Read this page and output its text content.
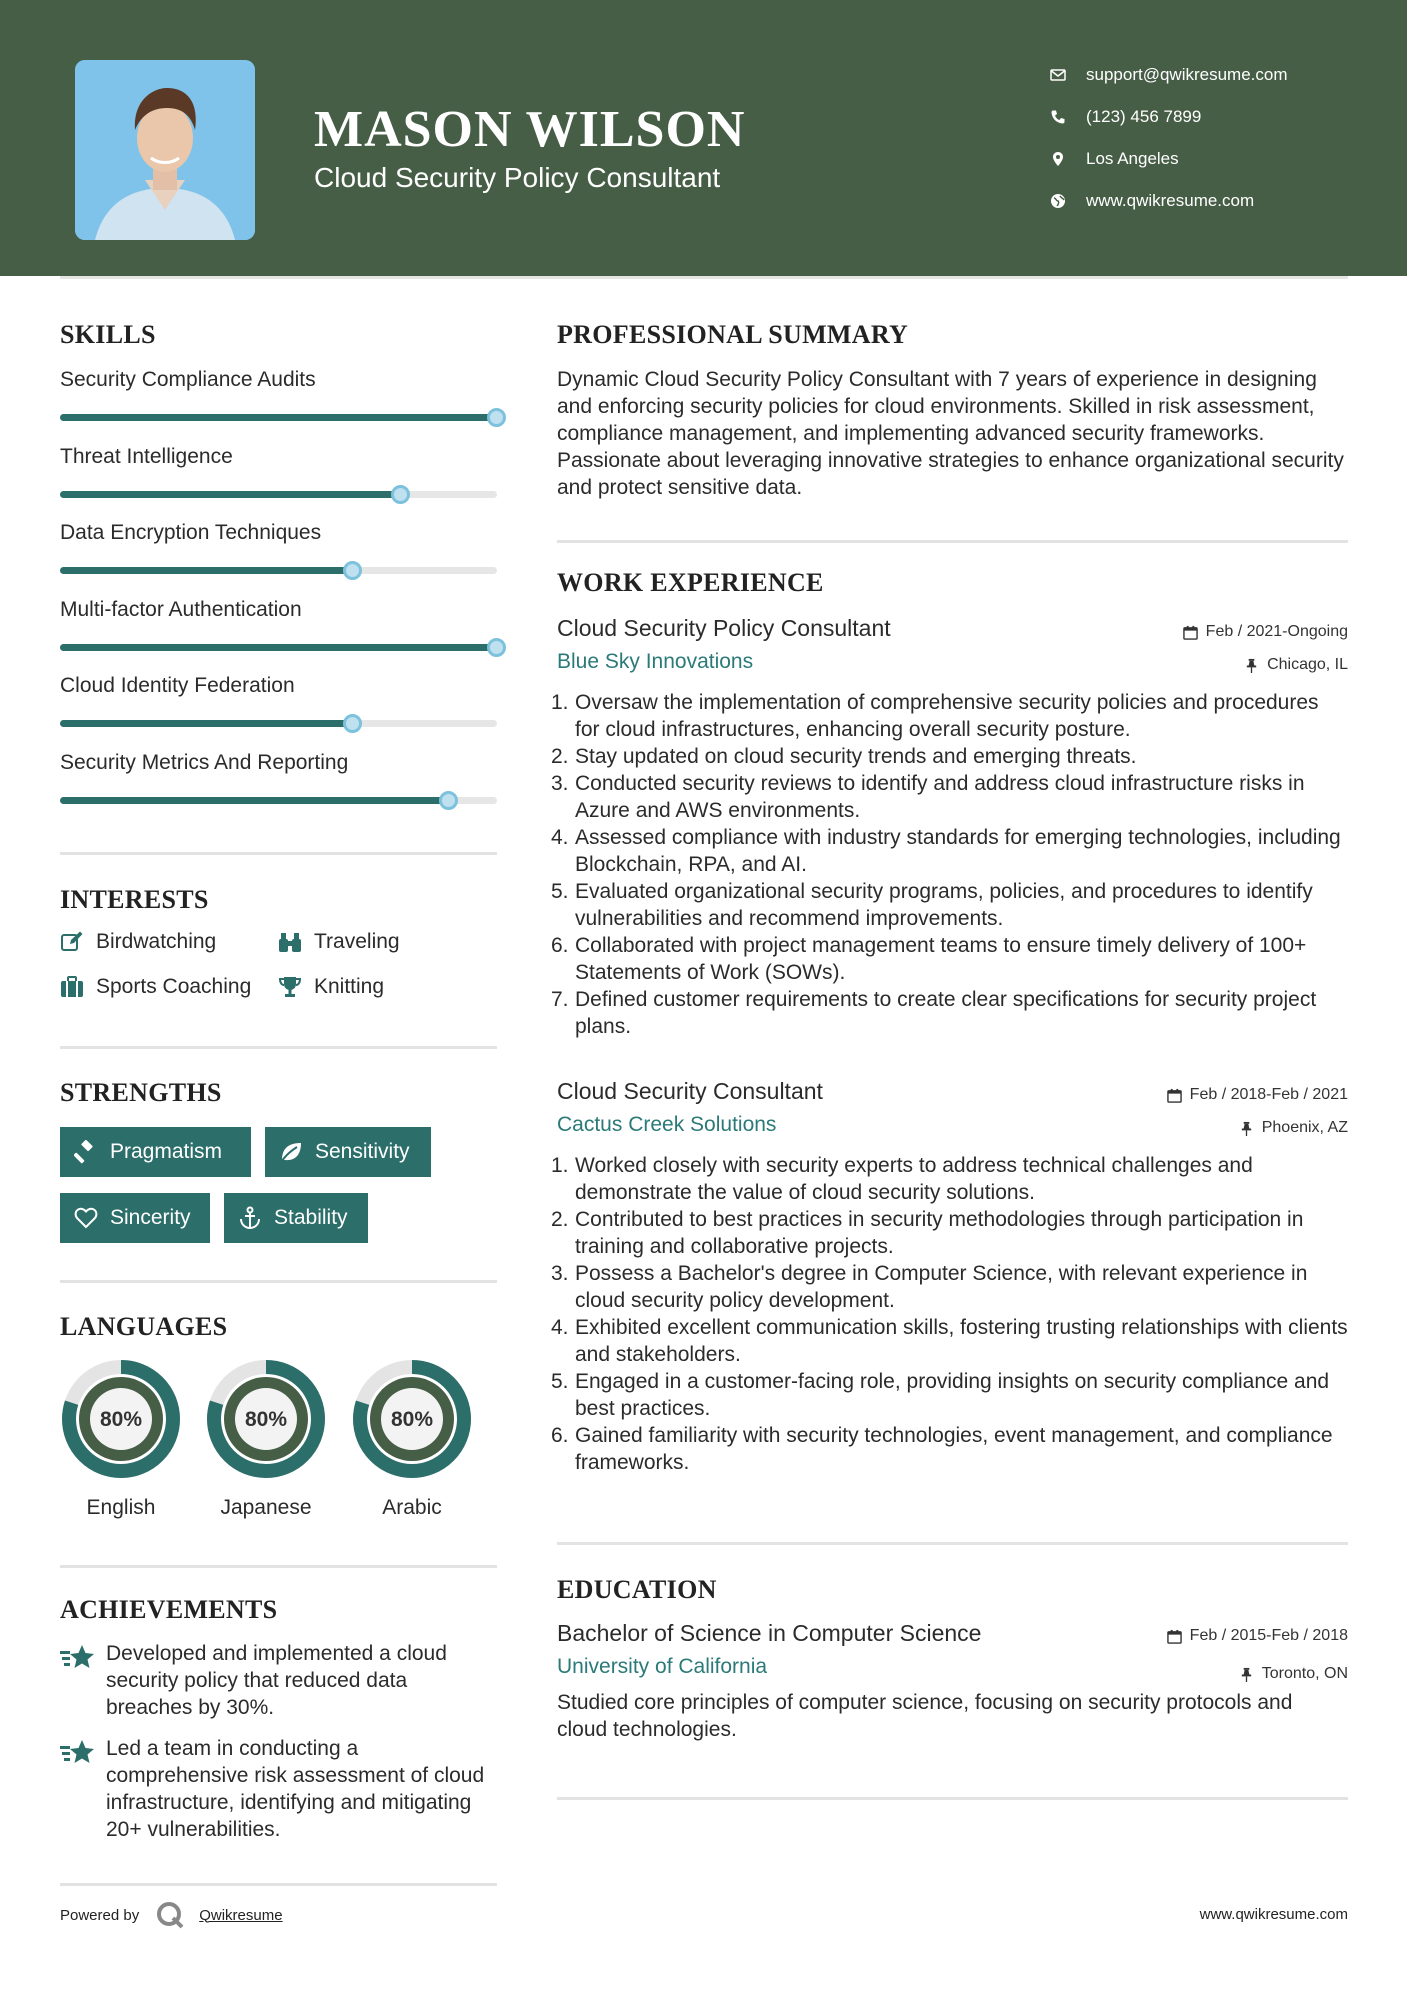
MASON WILSON
Cloud Security Policy Consultant
support@qwikresume.com
(123) 456 7899
Los Angeles
www.qwikresume.com
SKILLS
Security Compliance Audits
Threat Intelligence
Data Encryption Techniques
Multi-factor Authentication
Cloud Identity Federation
Security Metrics And Reporting
INTERESTS
Birdwatching	Traveling
Sports Coaching	Knitting
STRENGTHS
Pragmatism	Sensitivity
Sincerity	Stability
LANGUAGES
80%
English
80%
Japanese
80%
Arabic
ACHIEVEMENTS
Developed and implemented a cloud security policy that reduced data breaches by 30%.
Led a team in conducting a comprehensive risk assessment of cloud infrastructure, identifying and mitigating 20+ vulnerabilities.
PROFESSIONAL SUMMARY
Dynamic Cloud Security Policy Consultant with 7 years of experience in designing and enforcing security policies for cloud environments. Skilled in risk assessment, compliance management, and implementing advanced security frameworks. Passionate about leveraging innovative strategies to enhance organizational security and protect sensitive data.
WORK EXPERIENCE
Cloud Security Policy Consultant	Feb / 2021-Ongoing
Blue Sky Innovations	Chicago, IL
1. Oversaw the implementation of comprehensive security policies and procedures for cloud infrastructures, enhancing overall security posture.
2. Stay updated on cloud security trends and emerging threats.
3. Conducted security reviews to identify and address cloud infrastructure risks in Azure and AWS environments.
4. Assessed compliance with industry standards for emerging technologies, including Blockchain, RPA, and AI.
5. Evaluated organizational security programs, policies, and procedures to identify vulnerabilities and recommend improvements.
6. Collaborated with project management teams to ensure timely delivery of 100+ Statements of Work (SOWs).
7. Defined customer requirements to create clear specifications for security project plans.
Cloud Security Consultant	Feb / 2018-Feb / 2021
Cactus Creek Solutions	Phoenix, AZ
1. Worked closely with security experts to address technical challenges and demonstrate the value of cloud security solutions.
2. Contributed to best practices in security methodologies through participation in training and collaborative projects.
3. Possess a Bachelor's degree in Computer Science, with relevant experience in cloud security policy development.
4. Exhibited excellent communication skills, fostering trusting relationships with clients and stakeholders.
5. Engaged in a customer-facing role, providing insights on security compliance and best practices.
6. Gained familiarity with security technologies, event management, and compliance frameworks.
EDUCATION
Bachelor of Science in Computer Science	Feb / 2015-Feb / 2018
University of California	Toronto, ON
Studied core principles of computer science, focusing on security protocols and cloud technologies.
Powered by	Qwikresume	www.qwikresume.com
